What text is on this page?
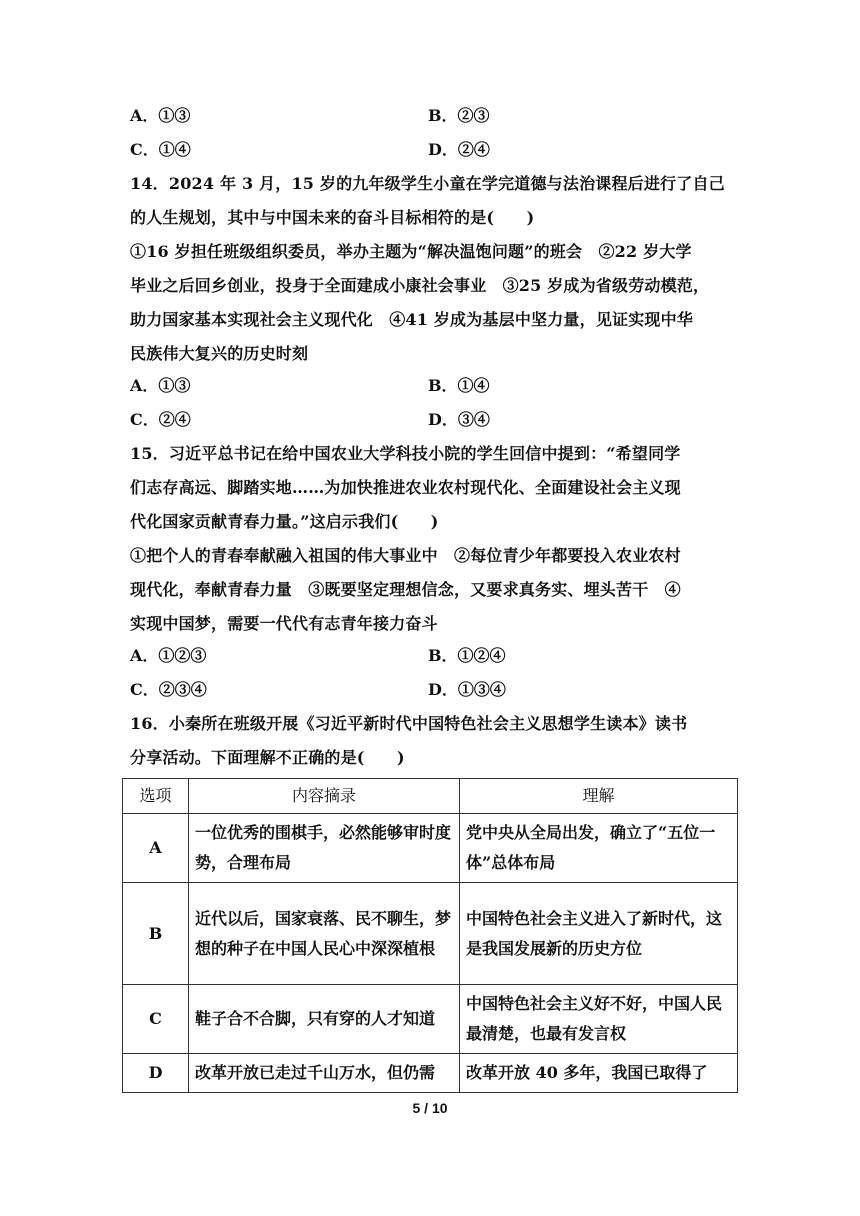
A．①③	B．②③
C．①④	D．②④

14．2024 年 3 月，15 岁的九年级学生小童在学完道德与法治课程后进行了自己

的人生规划，其中与中国未来的奋斗目标相符的是(　　)

①16 岁担任班级组织委员，举办主题为“解决温饱问题”的班会　②22 岁大学

毕业之后回乡创业，投身于全面建成小康社会事业　③25 岁成为省级劳动模范，

助力国家基本实现社会主义现代化　④41 岁成为基层中坚力量，见证实现中华

民族伟大复兴的历史时刻

A．①③	B．①④
C．②④	D．③④

15．习近平总书记在给中国农业大学科技小院的学生回信中提到：“希望同学

们志存高远、脚踏实地……为加快推进农业农村现代化、全面建设社会主义现

代化国家贡献青春力量。”这启示我们(　　)

①把个人的青春奉献融入祖国的伟大事业中　②每位青少年都要投入农业农村

现代化，奉献青春力量　③既要坚定理想信念，又要求真务实、埋头苦干　④

实现中国梦，需要一代代有志青年接力奋斗

A．①②③	B．①②④
C．②③④	D．①③④

16．小秦所在班级开展《习近平新时代中国特色社会主义思想学生读本》读书

分享活动。下面理解不正确的是(　　)

选项	内容摘录	理解
A	一位优秀的围棋手，必然能够审时度势，合理布局	党中央从全局出发，确立了“五位一体”总体布局
B	近代以后，国家衰落、民不聊生，梦想的种子在中国人民心中深深植根	中国特色社会主义进入了新时代，这是我国发展新的历史方位
C	鞋子合不合脚，只有穿的人才知道	中国特色社会主义好不好，中国人民最清楚，也最有发言权
D	改革开放已走过千山万水，但仍需	改革开放 40 多年，我国已取得了
5 / 10
